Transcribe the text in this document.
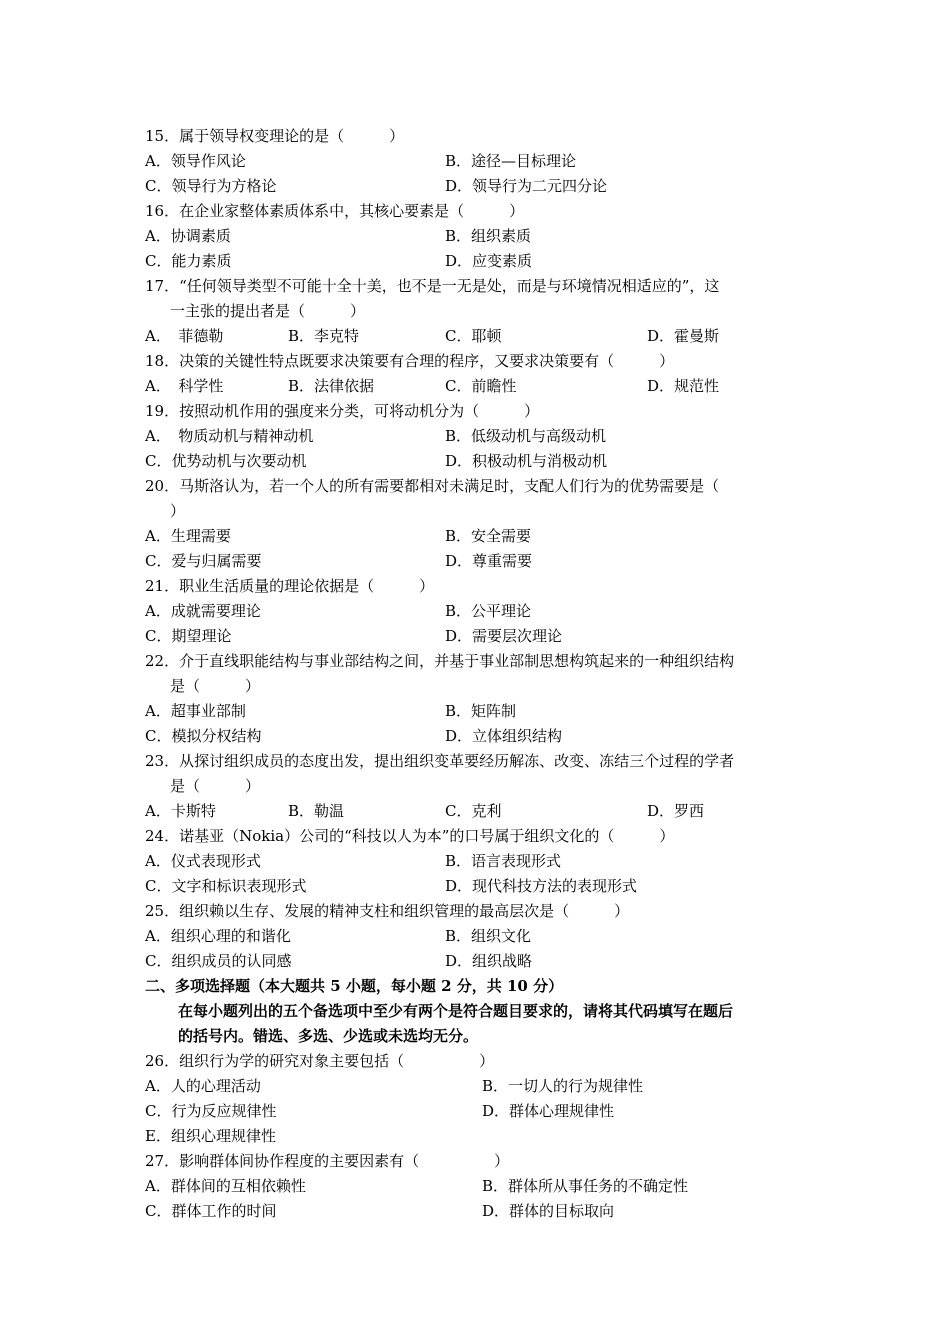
15．属于领导权变理论的是（　　　）
A．领导作风论	B．途径—目标理论
C．领导行为方格论	D．领导行为二元四分论
16．在企业家整体素质体系中，其核心要素是（　　　）
A．协调素质	B．组织素质
C．能力素质	D．应变素质
17．“任何领导类型不可能十全十美，也不是一无是处，而是与环境情况相适应的”，这
一主张的提出者是（　　　）
A．　菲德勒	B．李克特	C．耶顿	D．霍曼斯
18．决策的关键性特点既要求决策要有合理的程序，又要求决策要有（　　　）
A．　科学性	B．法律依据	C．前瞻性	D．规范性
19．按照动机作用的强度来分类，可将动机分为（　　　）
A．　物质动机与精神动机	B．低级动机与高级动机
C．优势动机与次要动机	D．积极动机与消极动机
20．马斯洛认为，若一个人的所有需要都相对未满足时，支配人们行为的优势需要是（
）
A．生理需要	B．安全需要
C．爱与归属需要	D．尊重需要
21．职业生活质量的理论依据是（　　　）
A．成就需要理论	B．公平理论
C．期望理论	D．需要层次理论
22．介于直线职能结构与事业部结构之间，并基于事业部制思想构筑起来的一种组织结构
是（　　　）
A．超事业部制	B．矩阵制
C．模拟分权结构	D．立体组织结构
23．从探讨组织成员的态度出发，提出组织变革要经历解冻、改变、冻结三个过程的学者
是（　　　）
A．卡斯特	B．勒温	C．克利	D．罗西
24．诺基亚（Nokia）公司的“科技以人为本”的口号属于组织文化的（　　　）
A．仪式表现形式	B．语言表现形式
C．文字和标识表现形式	D．现代科技方法的表现形式
25．组织赖以生存、发展的精神支柱和组织管理的最高层次是（　　　）
A．组织心理的和谐化	B．组织文化
C．组织成员的认同感	D．组织战略
二、多项选择题（本大题共 5 小题，每小题 2 分，共 10 分）
在每小题列出的五个备选项中至少有两个是符合题目要求的，请将其代码填写在题后
的括号内。错选、多选、少选或未选均无分。
26．组织行为学的研究对象主要包括（　　　　　）
A．人的心理活动	B．一切人的行为规律性
C．行为反应规律性	D．群体心理规律性
E．组织心理规律性
27．影响群体间协作程度的主要因素有（　　　　　）
A．群体间的互相依赖性	B．群体所从事任务的不确定性
C．群体工作的时间	D．群体的目标取向
